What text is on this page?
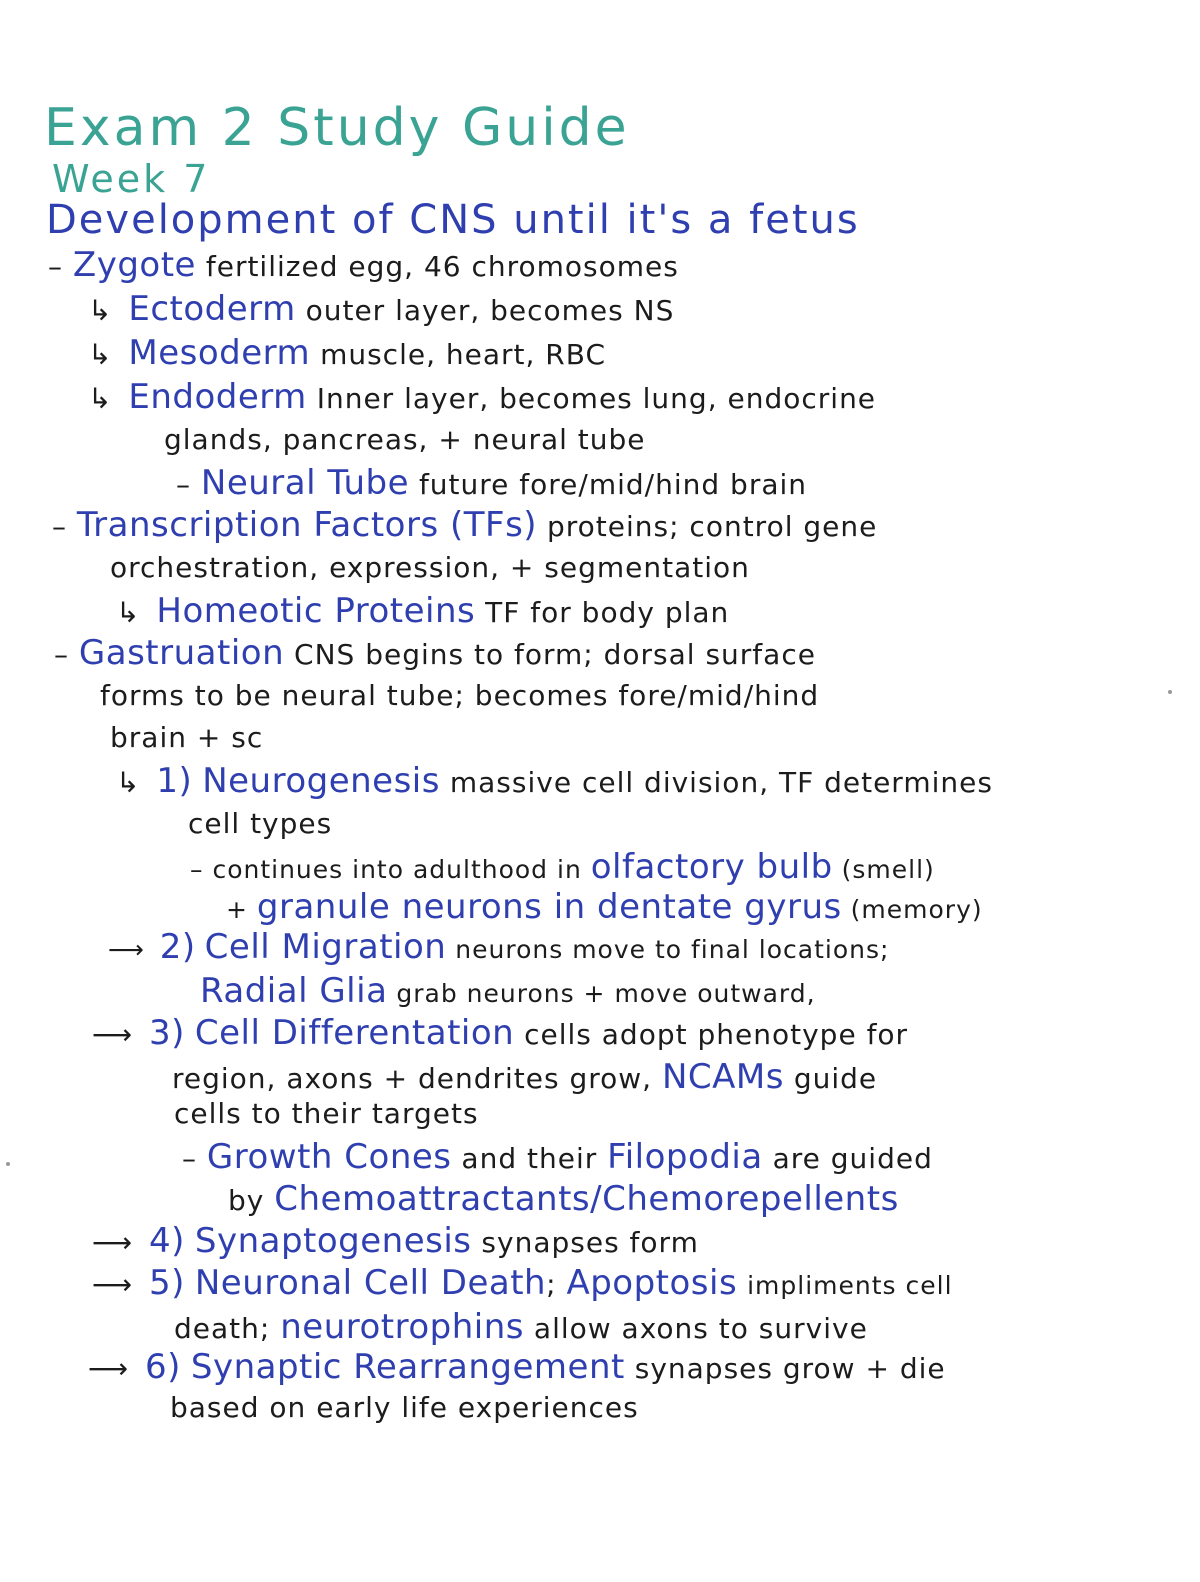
Exam 2 Study Guide
Week 7
Development of CNS until it's a fetus
– Zygote fertilized egg, 46 chromosomes
↳ Ectoderm outer layer, becomes NS
↳ Mesoderm muscle, heart, RBC
↳ Endoderm Inner layer, becomes lung, endocrine
glands, pancreas, + neural tube
– Neural Tube future fore/mid/hind brain
– Transcription Factors (TFs) proteins; control gene
orchestration, expression, + segmentation
↳ Homeotic Proteins TF for body plan
– Gastruation CNS begins to form; dorsal surface
forms to be neural tube; becomes fore/mid/hind
brain + sc
↳ 1) Neurogenesis massive cell division, TF determines
cell types
– continues into adulthood in olfactory bulb (smell)
+ granule neurons in dentate gyrus (memory)
⟶ 2) Cell Migration neurons move to final locations;
Radial Glia grab neurons + move outward,
⟶ 3) Cell Differentation cells adopt phenotype for
region, axons + dendrites grow, NCAMs guide
cells to their targets
– Growth Cones and their Filopodia are guided
by Chemoattractants/Chemorepellents
⟶ 4) Synaptogenesis synapses form
⟶ 5) Neuronal Cell Death; Apoptosis impliments cell
death; neurotrophins allow axons to survive
⟶ 6) Synaptic Rearrangement synapses grow + die
based on early life experiences
